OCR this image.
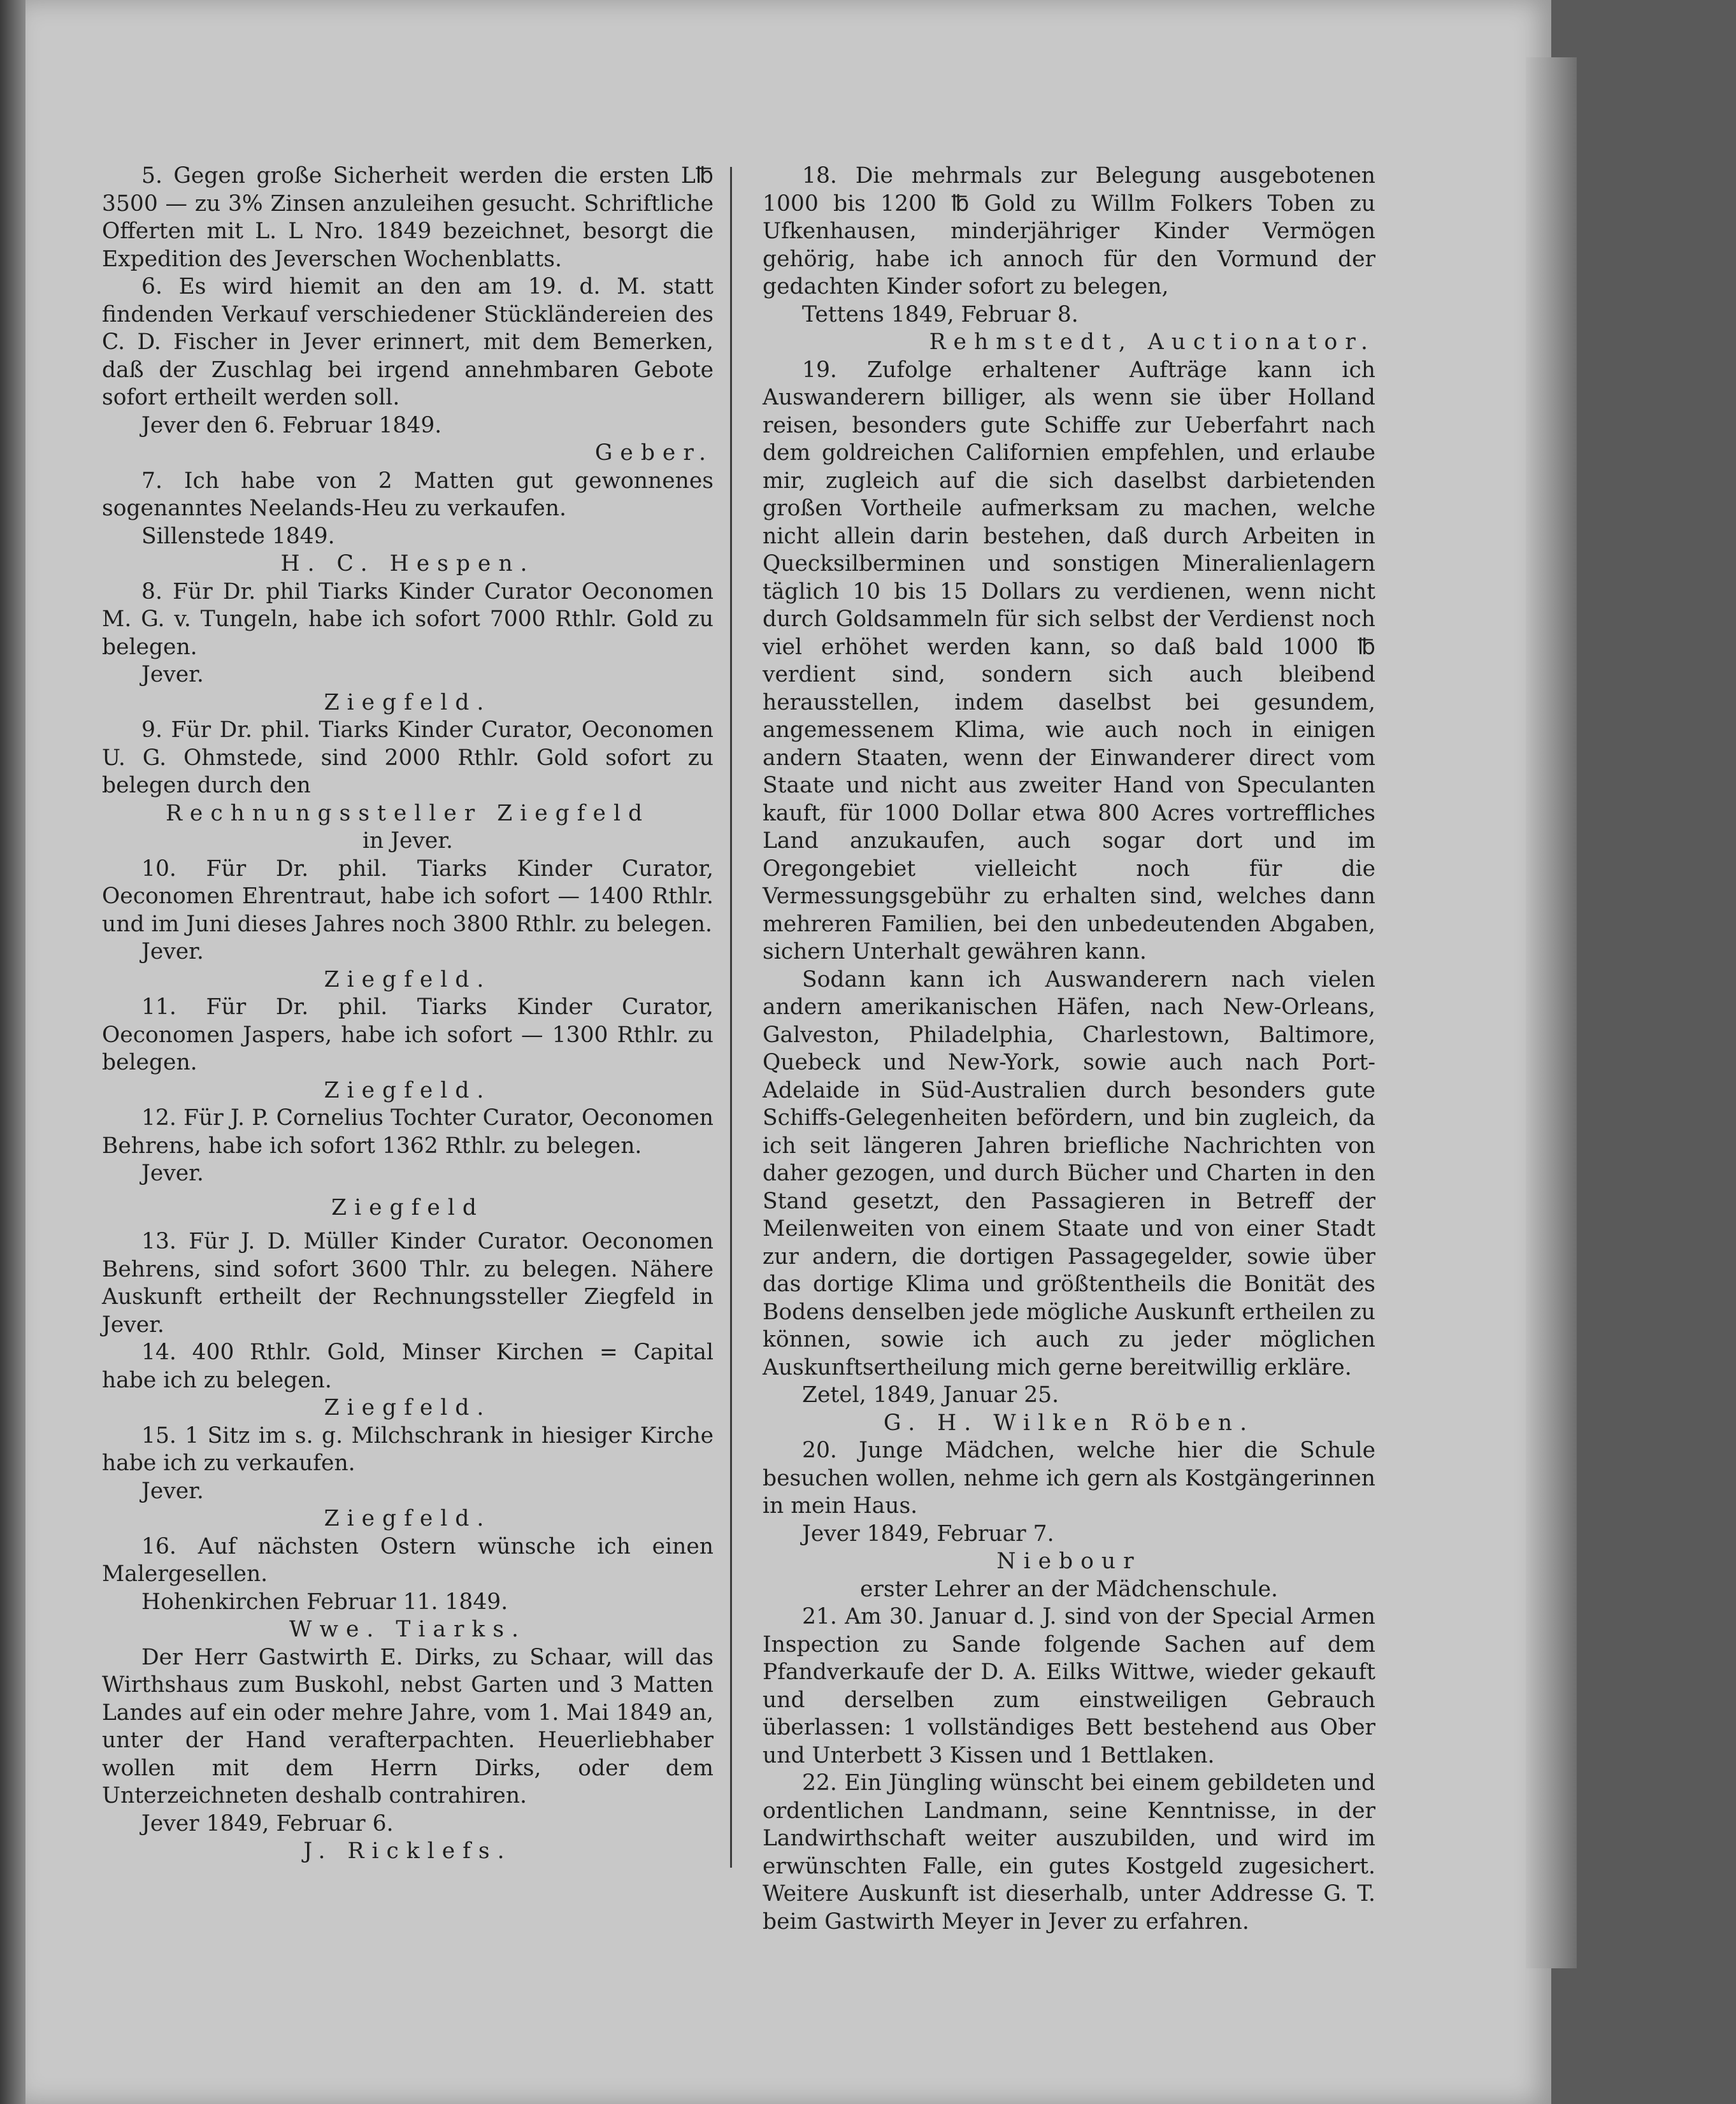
5. Gegen große Sicherheit werden die ersten L℔ 3500 — zu 3% Zinsen anzuleihen gesucht. Schriftliche Offerten mit L. L Nro. 1849 bezeichnet, besorgt die Expedition des Jeverschen Wochenblatts.

6. Es wird hiemit an den am 19. d. M. statt findenden Verkauf verschiedener Stückländereien des C. D. Fischer in Jever erinnert, mit dem Bemerken, daß der Zuschlag bei irgend annehmbaren Gebote sofort ertheilt werden soll.

Jever den 6. Februar 1849.

Geber.

7. Ich habe von 2 Matten gut gewonnenes sogenanntes Neelands-Heu zu verkaufen.

Sillenstede 1849.

H. C. Hespen.

8. Für Dr. phil Tiarks Kinder Curator Oeconomen M. G. v. Tungeln, habe ich sofort 7000 Rthlr. Gold zu belegen.

Jever.

Ziegfeld.

9. Für Dr. phil. Tiarks Kinder Curator, Oeconomen U. G. Ohmstede, sind 2000 Rthlr. Gold sofort zu belegen durch den

Rechnungssteller Ziegfeld

in Jever.

10. Für Dr. phil. Tiarks Kinder Curator, Oeconomen Ehrentraut, habe ich sofort — 1400 Rthlr. und im Juni dieses Jahres noch 3800 Rthlr. zu belegen.

Jever.

Ziegfeld.

11. Für Dr. phil. Tiarks Kinder Curator, Oeconomen Jaspers, habe ich sofort — 1300 Rthlr. zu belegen.

Ziegfeld.

12. Für J. P. Cornelius Tochter Curator, Oeconomen Behrens, habe ich sofort 1362 Rthlr. zu belegen.

Jever.

Ziegfeld

13. Für J. D. Müller Kinder Curator. Oeconomen Behrens, sind sofort 3600 Thlr. zu belegen. Nähere Auskunft ertheilt der Rechnungssteller Ziegfeld in Jever.

14. 400 Rthlr. Gold, Minser Kirchen = Capital habe ich zu belegen.

Ziegfeld.

15. 1 Sitz im s. g. Milchschrank in hiesiger Kirche habe ich zu verkaufen.

Jever.

Ziegfeld.

16. Auf nächsten Ostern wünsche ich einen Malergesellen.

Hohenkirchen Februar 11. 1849.

Wwe. Tiarks.

Der Herr Gastwirth E. Dirks, zu Schaar, will das Wirthshaus zum Buskohl, nebst Garten und 3 Matten Landes auf ein oder mehre Jahre, vom 1. Mai 1849 an, unter der Hand verafterpachten. Heuerliebhaber wollen mit dem Herrn Dirks, oder dem Unterzeichneten deshalb contrahiren.

Jever 1849, Februar 6.

J. Ricklefs.

18. Die mehrmals zur Belegung ausgebotenen 1000 bis 1200 ℔ Gold zu Willm Folkers Toben zu Ufkenhausen, minderjähriger Kinder Vermögen gehörig, habe ich annoch für den Vormund der gedachten Kinder sofort zu belegen,

Tettens 1849, Februar 8.

Rehmstedt, Auctionator.

19. Zufolge erhaltener Aufträge kann ich Auswanderern billiger, als wenn sie über Holland reisen, besonders gute Schiffe zur Ueberfahrt nach dem goldreichen Californien empfehlen, und erlaube mir, zugleich auf die sich daselbst darbietenden großen Vortheile aufmerksam zu machen, welche nicht allein darin bestehen, daß durch Arbeiten in Quecksilberminen und sonstigen Mineralienlagern täglich 10 bis 15 Dollars zu verdienen, wenn nicht durch Goldsammeln für sich selbst der Verdienst noch viel erhöhet werden kann, so daß bald 1000 ℔ verdient sind, sondern sich auch bleibend herausstellen, indem daselbst bei gesundem, angemessenem Klima, wie auch noch in einigen andern Staaten, wenn der Einwanderer direct vom Staate und nicht aus zweiter Hand von Speculanten kauft, für 1000 Dollar etwa 800 Acres vortreffliches Land anzukaufen, auch sogar dort und im Oregongebiet vielleicht noch für die Vermessungsgebühr zu erhalten sind, welches dann mehreren Familien, bei den unbedeutenden Abgaben, sichern Unterhalt gewähren kann.

Sodann kann ich Auswanderern nach vielen andern amerikanischen Häfen, nach New-Orleans, Galveston, Philadelphia, Charlestown, Baltimore, Quebeck und New-York, sowie auch nach Port-Adelaide in Süd-Australien durch besonders gute Schiffs-Gelegenheiten befördern, und bin zugleich, da ich seit längeren Jahren briefliche Nachrichten von daher gezogen, und durch Bücher und Charten in den Stand gesetzt, den Passagieren in Betreff der Meilenweiten von einem Staate und von einer Stadt zur andern, die dortigen Passagegelder, sowie über das dortige Klima und größtentheils die Bonität des Bodens denselben jede mögliche Auskunft ertheilen zu können, sowie ich auch zu jeder möglichen Auskunftsertheilung mich gerne bereitwillig erkläre.

Zetel, 1849, Januar 25.

G. H. Wilken Röben.

20. Junge Mädchen, welche hier die Schule besuchen wollen, nehme ich gern als Kostgängerinnen in mein Haus.

Jever 1849, Februar 7.

Niebour

erster Lehrer an der Mädchenschule.

21. Am 30. Januar d. J. sind von der Special Armen Inspection zu Sande folgende Sachen auf dem Pfandverkaufe der D. A. Eilks Wittwe, wieder gekauft und derselben zum einstweiligen Gebrauch überlassen: 1 vollständiges Bett bestehend aus Ober und Unterbett 3 Kissen und 1 Bettlaken.

22. Ein Jüngling wünscht bei einem gebildeten und ordentlichen Landmann, seine Kenntnisse, in der Landwirthschaft weiter auszubilden, und wird im erwünschten Falle, ein gutes Kostgeld zugesichert. Weitere Auskunft ist dieserhalb, unter Addresse G. T. beim Gastwirth Meyer in Jever zu erfahren.
